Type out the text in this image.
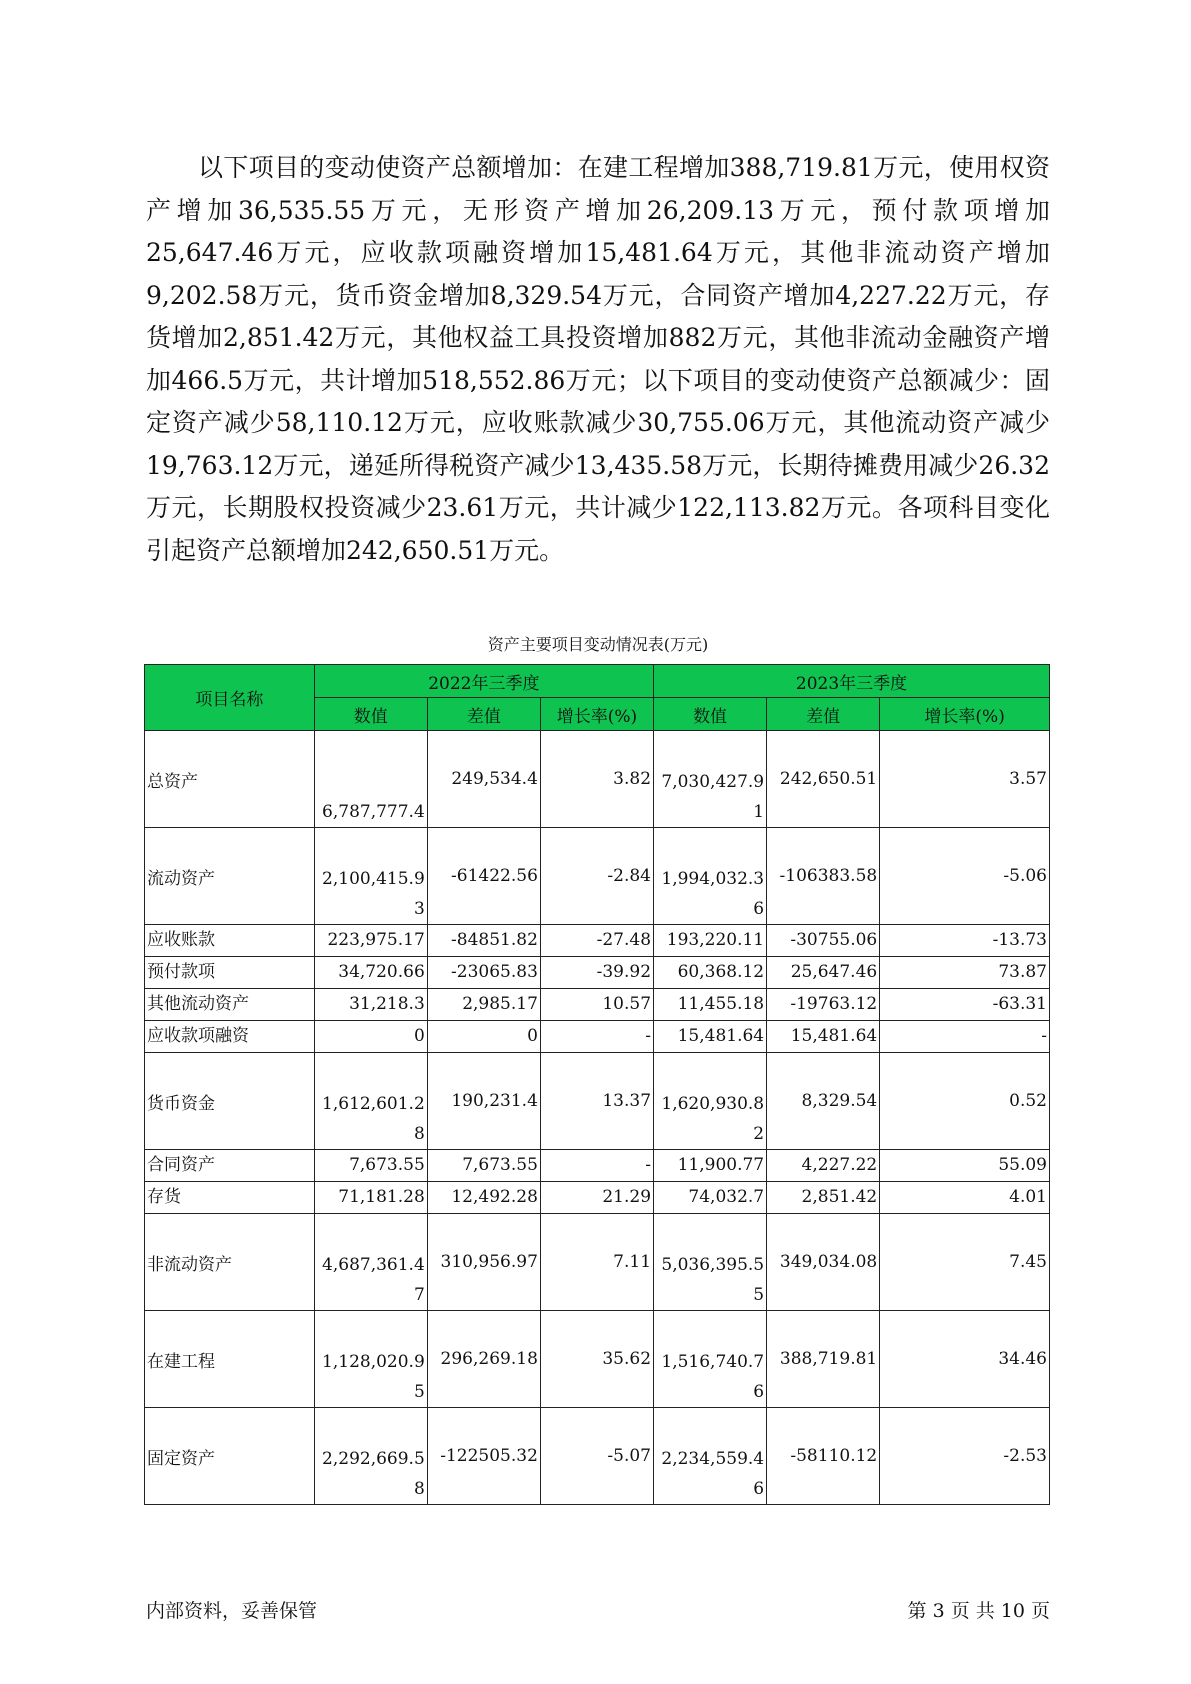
以下项目的变动使资产总额增加：在建工程增加388,719.81万元，使用权资产增加36,535.55万元，无形资产增加26,209.13万元，预付款项增加25,647.46万元，应收款项融资增加15,481.64万元，其他非流动资产增加9,202.58万元，货币资金增加8,329.54万元，合同资产增加4,227.22万元，存货增加2,851.42万元，其他权益工具投资增加882万元，其他非流动金融资产增加466.5万元，共计增加518,552.86万元；以下项目的变动使资产总额减少：固定资产减少58,110.12万元，应收账款减少30,755.06万元，其他流动资产减少19,763.12万元，递延所得税资产减少13,435.58万元，长期待摊费用减少26.32万元，长期股权投资减少23.61万元，共计减少122,113.82万元。各项科目变化引起资产总额增加242,650.51万元。

资产主要项目变动情况表(万元)

项目名称	2022年三季度			2023年三季度		
	数值	差值	增长率(%)	数值	差值	增长率(%)
总资产	6,787,777.4	249,534.4	3.82	7,030,427.91	242,650.51	3.57
流动资产	2,100,415.93	-61422.56	-2.84	1,994,032.36	-106383.58	-5.06
应收账款	223,975.17	-84851.82	-27.48	193,220.11	-30755.06	-13.73
预付款项	34,720.66	-23065.83	-39.92	60,368.12	25,647.46	73.87
其他流动资产	31,218.3	2,985.17	10.57	11,455.18	-19763.12	-63.31
应收款项融资	0	0	-	15,481.64	15,481.64	-
货币资金	1,612,601.28	190,231.4	13.37	1,620,930.82	8,329.54	0.52
合同资产	7,673.55	7,673.55	-	11,900.77	4,227.22	55.09
存货	71,181.28	12,492.28	21.29	74,032.7	2,851.42	4.01
非流动资产	4,687,361.47	310,956.97	7.11	5,036,395.55	349,034.08	7.45
在建工程	1,128,020.95	296,269.18	35.62	1,516,740.76	388,719.81	34.46
固定资产	2,292,669.58	-122505.32	-5.07	2,234,559.46	-58110.12	-2.53
内部资料，妥善保管	第 3 页 共 10 页
